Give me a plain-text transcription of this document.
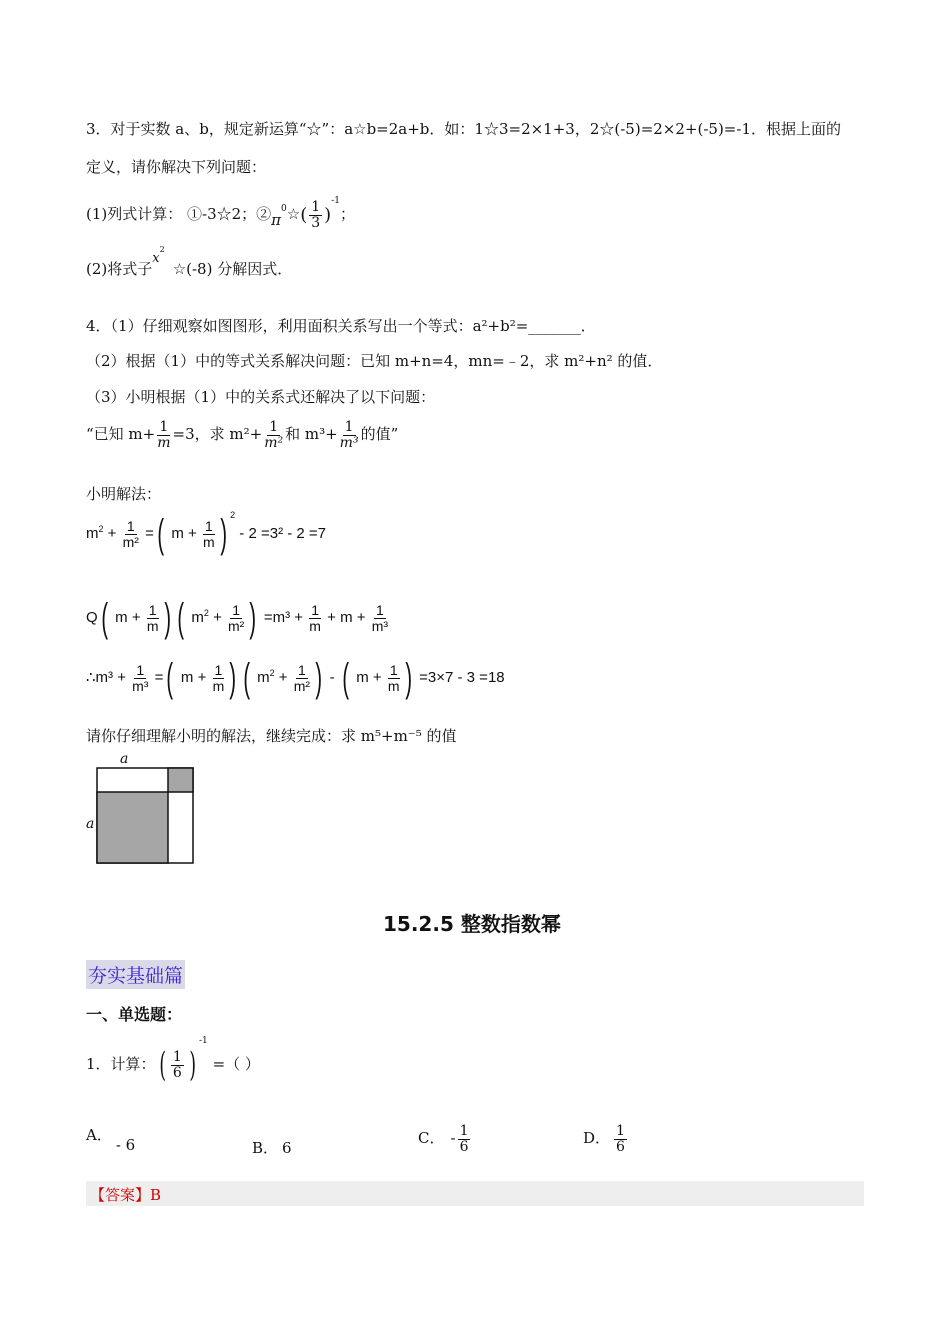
3．对于实数 a、b，规定新运算“☆”：a☆b=2a+b．如：1☆3=2×1+3，2☆(-5)=2×2+(-5)=-1．根据上面的
定义，请你解决下列问题：
(1)列式计算： ①-3☆2；$②\pi^0☆( \frac{1}{3} )^{-1}$；
(2)将式子$x^2☆(-8)$ 分解因式．
4．（1）仔细观察如图图形，利用面积关系写出一个等式：a²+b²=_______．
（2）根据（1）中的等式关系解决问题：已知 m+n=4，mn=﹣2，求 m²+n² 的值．
（3）小明根据（1）中的关系式还解决了以下问题：
“已知 $m+ \frac{1}{m} =3$，求 $m^2+ \frac{1}{\text{m²}}$ 和 $m^3+ \frac{1}{\text{m³}}$ 的值”
小明解法：
$m^2 + \frac{1}{\text{m²}}$ =( $m + \frac{1}{m}$ ) $^2$ - 2 =3² - 2 =7
Q( $m + \frac{1}{m}$ ) ( $m^2 + \frac{1}{\text{m²}}$ ) $=m^3 + \frac{1}{m} + m + \frac{1}{\text{m³}}$
∴m³ + $\frac{1}{\text{m³}}$ =( $m + \frac{1}{m}$ ) ( $m^2 + \frac{1}{\text{m²}}$ ) - ( $m + \frac{1}{m}$ ) =3×7 - 3 =18
请你仔细理解小明的解法，继续完成：求 m⁵+m⁻⁵ 的值
a
a
15.2.5 整数指数幂
夯实基础篇
一、单选题：
1．计算：( $\frac{1}{6} )^{-1}$ =（ ）
A．- 6	B． 6
C． - $\frac{1}{6}$	D． $\frac{1}{6}$
【答案】B
